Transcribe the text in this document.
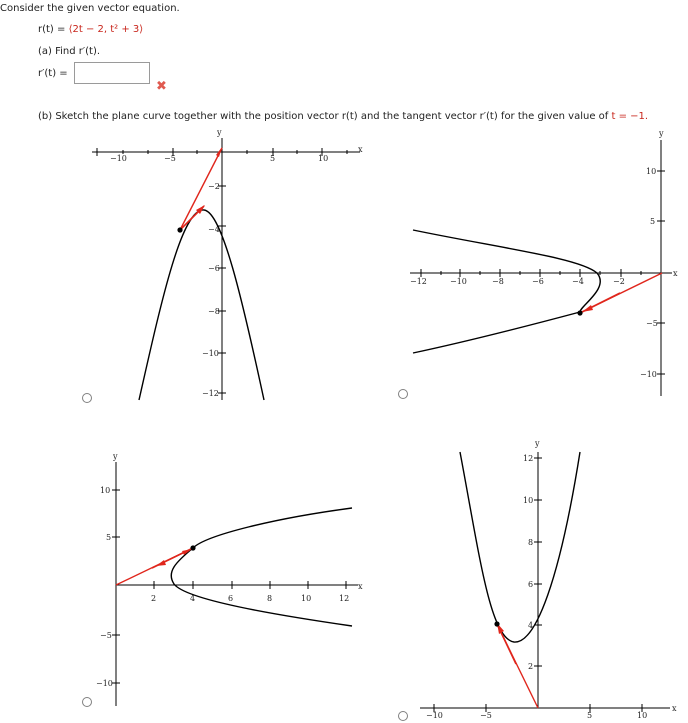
Consider the given vector equation.
r(t) = ⟨2t − 2, t² + 3⟩
(a) Find r′(t).
r′(t) =
✖
(b) Sketch the plane curve together with the position vector r(t) and the tangent vector r′(t) for the given value of t = −1.
y
x
−10	−5	5	10
−2
−4
−6
−8
−10
−12
y
x
−12	−10	−8	−6	−4	−2
10
5
−5
−10
y
x
2	4	6	8	10	12
10
5
−5
−10
y
x
−10	−5	5	10
12
10
8
6
4
2
